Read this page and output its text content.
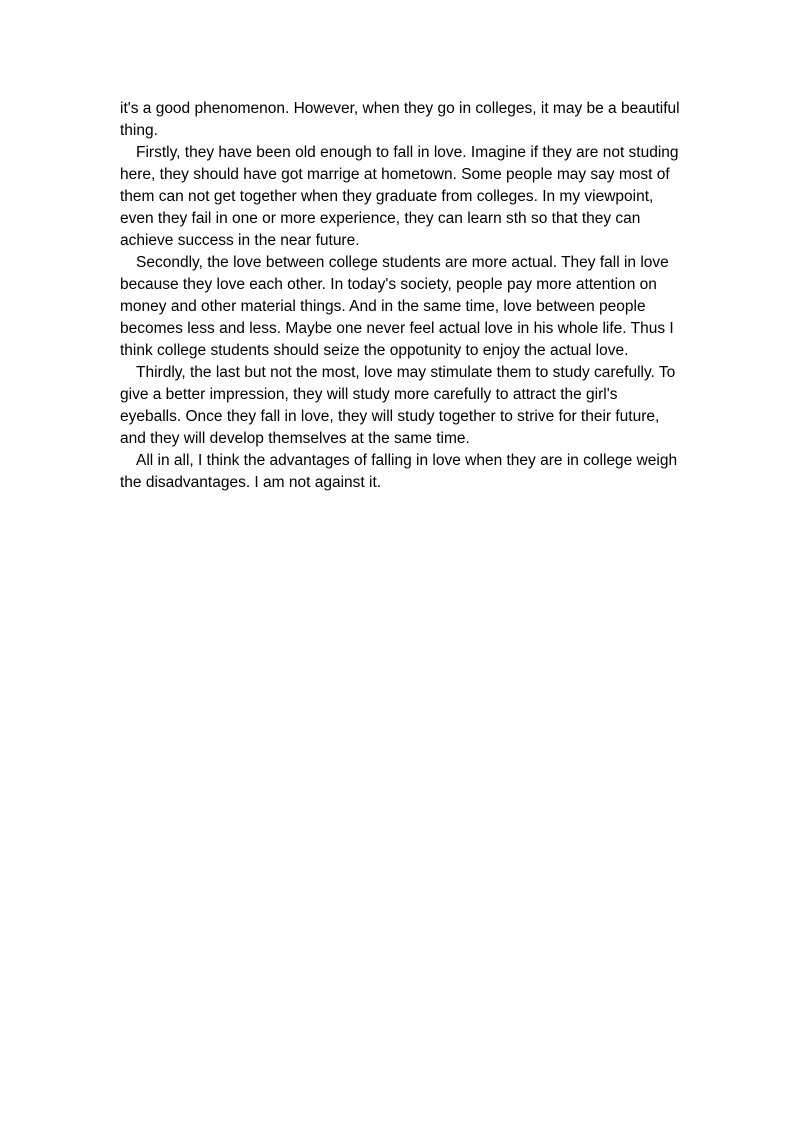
it's a good phenomenon. However, when they go in colleges, it may be a beautiful thing.

Firstly, they have been old enough to fall in love. Imagine if they are not studing here, they should have got marrige at hometown. Some people may say most of them can not get together when they graduate from colleges. In my viewpoint, even they fail in one or more experience, they can learn sth so that they can achieve success in the near future.

Secondly, the love between college students are more actual. They fall in love because they love each other. In today's society, people pay more attention on money and other material things. And in the same time, love between people becomes less and less. Maybe one never feel actual love in his whole life. Thus I think college students should seize the oppotunity to enjoy the actual love.

Thirdly, the last but not the most, love may stimulate them to study carefully. To give a better impression, they will study more carefully to attract the girl's eyeballs. Once they fall in love, they will study together to strive for their future, and they will develop themselves at the same time.

All in all, I think the advantages of falling in love when they are in college weigh the disadvantages. I am not against it.
